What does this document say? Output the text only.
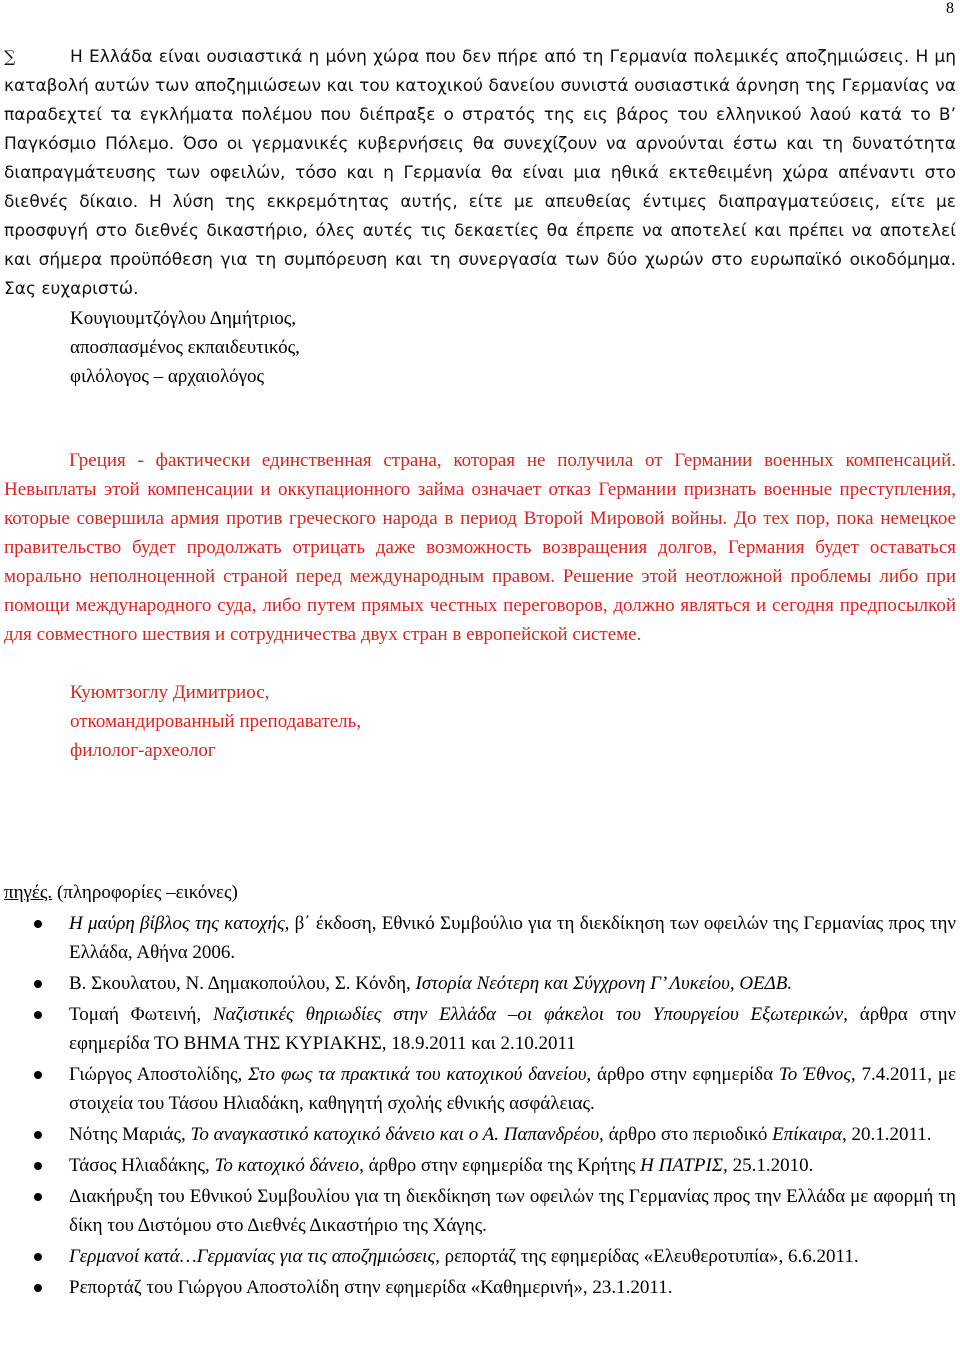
8

∑	Η Ελλάδα είναι ουσιαστικά η μόνη χώρα που δεν πήρε από τη Γερμανία πολεμικές αποζημιώσεις. Η μη καταβολή αυτών των αποζημιώσεων και του κατοχικού δανείου συνιστά ουσιαστικά άρνηση της Γερμανίας να παραδεχτεί τα εγκλήματα πολέμου που διέπραξε ο στρατός της εις βάρος του ελληνικού λαού κατά το Β’ Παγκόσμιο Πόλεμο. Όσο οι γερμανικές κυβερνήσεις θα συνεχίζουν να αρνούνται έστω και τη δυνατότητα διαπραγμάτευσης των οφειλών, τόσο και η Γερμανία θα είναι μια ηθικά εκτεθειμένη χώρα απέναντι στο διεθνές δίκαιο. Η λύση της εκκρεμότητας αυτής, είτε με απευθείας έντιμες διαπραγματεύσεις, είτε με προσφυγή στο διεθνές δικαστήριο, όλες αυτές τις δεκαετίες θα έπρεπε να αποτελεί και πρέπει να αποτελεί και σήμερα προϋπόθεση για τη συμπόρευση και τη συνεργασία των δύο χωρών στο ευρωπαϊκό οικοδόμημα. Σας ευχαριστώ.

Κουγιουμτζόγλου Δημήτριος,

αποσπασμένος εκπαιδευτικός,

φιλόλογος – αρχαιολόγος

Греция - фактически единственная страна, которая не получила от Германии военных компенсаций. Невыплаты этой компенсации и оккупационного займа означает отказ Германии признать военные преступления, которые совершила армия против греческого народа в период Второй Мировой войны. До тех пор, пока немецкое правительство будет продолжать отрицать даже возможность возвращения долгов, Германия будет оставаться морально неполноценной страной перед международным правом. Решение этой неотложной проблемы либо при помощи международного суда, либо путем прямых честных переговоров, должно являться и сегодня предпосылкой для совместного шествия и сотрудничества двух стран в европейской системе.

Куюмтзоглу Димитриос,

откомандированный преподаватель,

филолог-археолог

πηγές. (πληροφορίες –εικόνες)

Η μαύρη βίβλος της κατοχής, β΄ έκδοση, Εθνικό Συμβούλιο για τη διεκδίκηση των οφειλών της Γερμανίας προς την Ελλάδα, Αθήνα 2006.
Β. Σκουλατου, Ν. Δημακοπούλου, Σ. Κόνδη, Ιστορία Νεότερη και Σύγχρονη Γ’ Λυκείου, ΟΕΔΒ.
Τομαή Φωτεινή, Ναζιστικές θηριωδίες στην Ελλάδα –οι φάκελοι του Υπουργείου Εξωτερικών, άρθρα στην εφημερίδα ΤΟ ΒΗΜΑ ΤΗΣ ΚΥΡΙΑΚΗΣ, 18.9.2011 και 2.10.2011
Γιώργος Αποστολίδης, Στο φως τα πρακτικά του κατοχικού δανείου, άρθρο στην εφημερίδα Το Έθνος, 7.4.2011, με στοιχεία του Τάσου Ηλιαδάκη, καθηγητή σχολής εθνικής ασφάλειας.
Νότης Μαριάς, Το αναγκαστικό κατοχικό δάνειο και ο Α. Παπανδρέου, άρθρο στο περιοδικό Επίκαιρα, 20.1.2011.
Τάσος Ηλιαδάκης, Το κατοχικό δάνειο, άρθρο στην εφημερίδα της Κρήτης Η ΠΑΤΡΙΣ, 25.1.2010.
Διακήρυξη του Εθνικού Συμβουλίου για τη διεκδίκηση των οφειλών της Γερμανίας προς την Ελλάδα με αφορμή τη δίκη του Διστόμου στο Διεθνές Δικαστήριο της Χάγης.
Γερμανοί κατά…Γερμανίας για τις αποζημιώσεις, ρεπορτάζ της εφημερίδας «Ελευθεροτυπία», 6.6.2011.
Ρεπορτάζ του Γιώργου Αποστολίδη στην εφημερίδα «Καθημερινή», 23.1.2011.
